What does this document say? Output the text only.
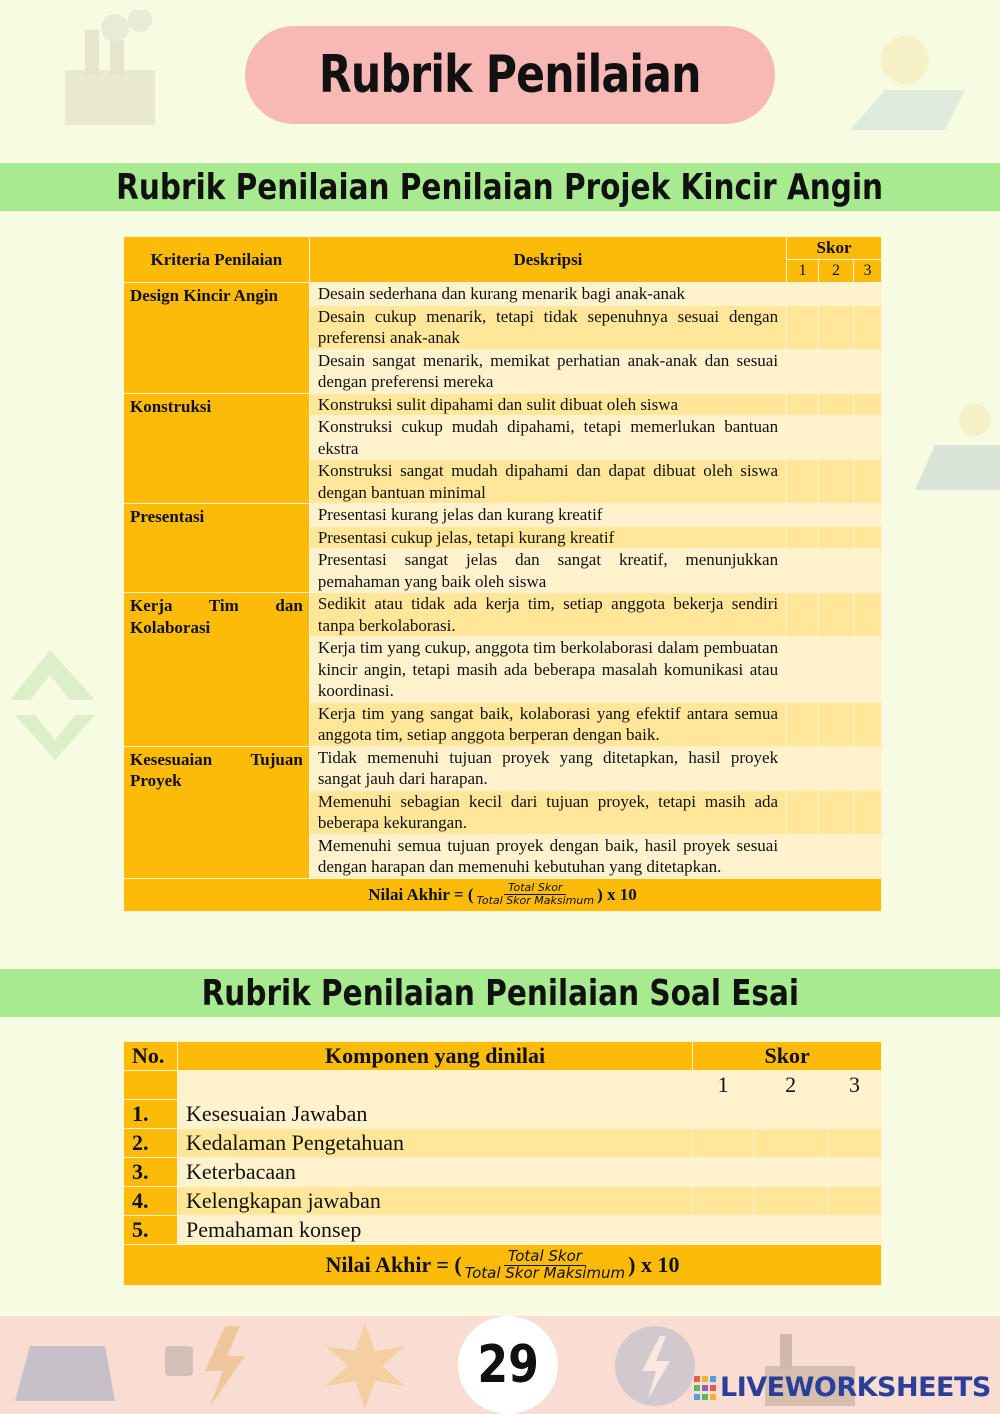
Rubrik Penilaian
Rubrik Penilaian Penilaian Projek Kincir Angin
Kriteria Penilaian	Deskripsi	Skor		
		1	2	3
Design Kincir Angin	Desain sederhana dan kurang menarik bagi anak-anak			
	Desain cukup menarik, tetapi tidak sepenuhnya sesuai dengan preferensi anak-anak			
	Desain sangat menarik, memikat perhatian anak-anak dan sesuai dengan preferensi mereka			
Konstruksi	Konstruksi sulit dipahami dan sulit dibuat oleh siswa			
	Konstruksi cukup mudah dipahami, tetapi memerlukan bantuan ekstra			
	Konstruksi sangat mudah dipahami dan dapat dibuat oleh siswa dengan bantuan minimal			
Presentasi	Presentasi kurang jelas dan kurang kreatif			
	Presentasi cukup jelas, tetapi kurang kreatif			
	Presentasi sangat jelas dan sangat kreatif, menunjukkan pemahaman yang baik oleh siswa			
Kerja Tim dan Kolaborasi	Sedikit atau tidak ada kerja tim, setiap anggota bekerja sendiri tanpa berkolaborasi.			
	Kerja tim yang cukup, anggota tim berkolaborasi dalam pembuatan kincir angin, tetapi masih ada beberapa masalah komunikasi atau koordinasi.			
	Kerja tim yang sangat baik, kolaborasi yang efektif antara semua anggota tim, setiap anggota berperan dengan baik.			
Kesesuaian Tujuan Proyek	Tidak memenuhi tujuan proyek yang ditetapkan, hasil proyek sangat jauh dari harapan.			
	Memenuhi sebagian kecil dari tujuan proyek, tetapi masih ada beberapa kekurangan.			
	Memenuhi semua tujuan proyek dengan baik, hasil proyek sesuai dengan harapan dan memenuhi kebutuhan yang ditetapkan.			

Nilai Akhir = ( $\frac{\text{Total Skor}}{\text{Total Skor Maksimum}}$ ) x 10				
Rubrik Penilaian Penilaian Soal Esai
No.	Komponen yang dinilai	Skor		
		1	2	3
1.	Kesesuaian Jawaban			
2.	Kedalaman Pengetahuan			
3.	Keterbacaan			
4.	Kelengkapan jawaban			
5.	Pemahaman konsep			

Nilai Akhir = ( $\frac{\text{Total Skor}}{\text{Total Skor Maksimum}}$ ) x 10				
29	LIVEWORKSHEETS
